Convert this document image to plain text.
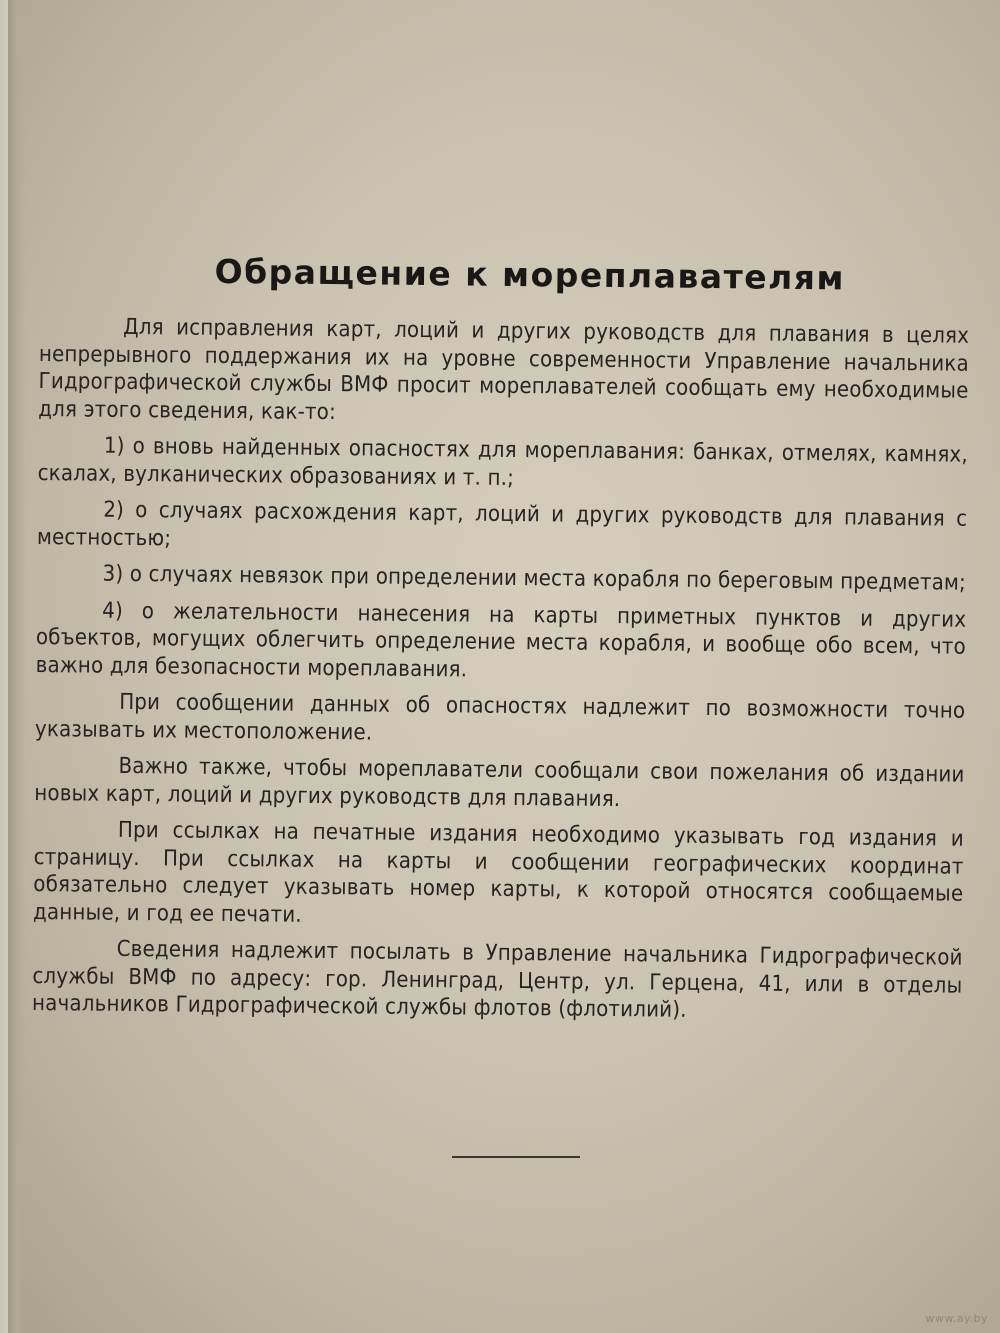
Обращение к мореплавателям

Для исправления карт, лоций и других руководств для плавания в целях непрерывного поддержания их на уровне современности Управление начальника Гидрографической службы ВМФ просит мореплавателей сообщать ему необходимые для этого сведения, как-то:

1) о вновь найденных опасностях для мореплавания: банках, отмелях, камнях, скалах, вулканических образованиях и т. п.;

2) о случаях расхождения карт, лоций и других руководств для плавания с местностью;

3) о случаях невязок при определении места корабля по береговым предметам;

4) о желательности нанесения на карты приметных пунктов и других объектов, могущих облегчить определение места корабля, и вообще обо всем, что важно для безопасности мореплавания.

При сообщении данных об опасностях надлежит по возможности точно указывать их местоположение.

Важно также, чтобы мореплаватели сообщали свои пожелания об издании новых карт, лоций и других руководств для плавания.

При ссылках на печатные издания необходимо указывать год издания и страницу. При ссылках на карты и сообщении географических координат обязательно следует указывать номер карты, к которой относятся сообщаемые данные, и год ее печати.

Сведения надлежит посылать в Управление начальника Гидрографической службы ВМФ по адресу: гор. Ленинград, Центр, ул. Герцена, 41, или в отделы начальников Гидрографической службы флотов (флотилий).

www.ay.by
